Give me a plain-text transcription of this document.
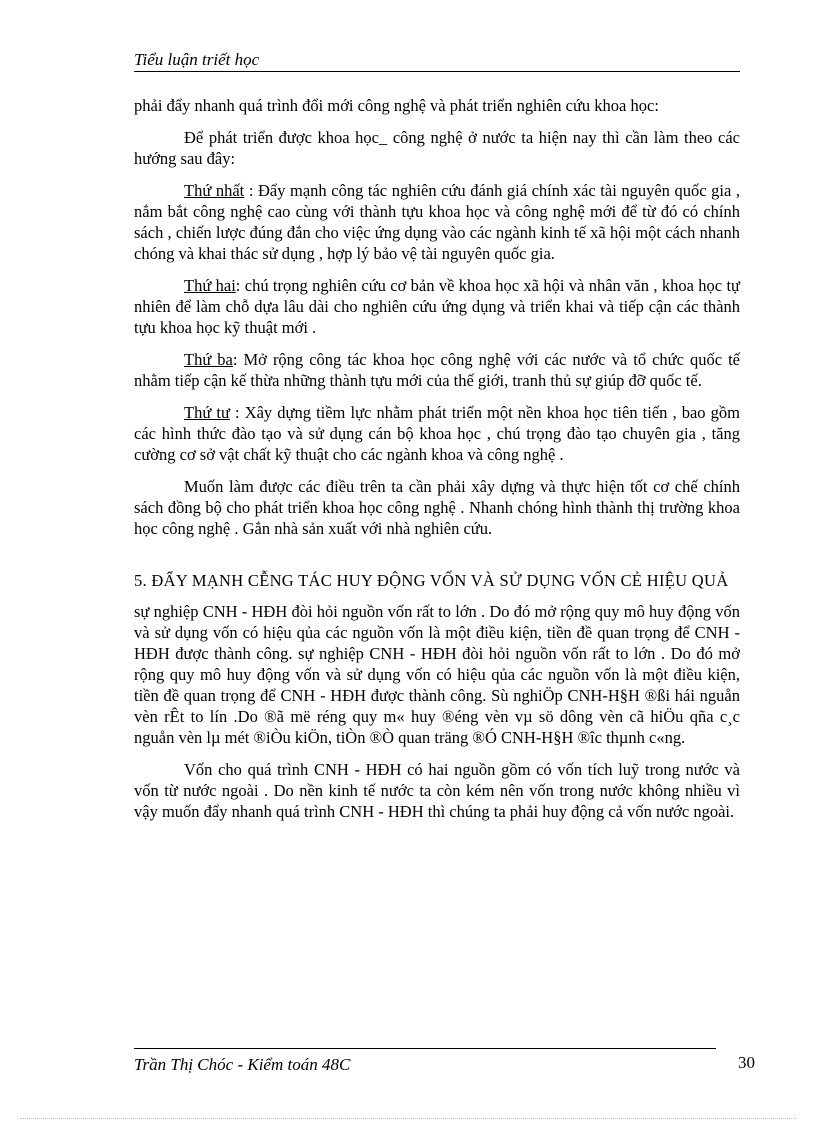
Tiểu luận triết học

phải đẩy nhanh quá trình đổi mới công nghệ và phát triển nghiên cứu khoa học:

Để phát triển được khoa học_ công nghệ ở nước ta hiện nay thì cần làm theo các hướng sau đây:

Thứ nhất : Đẩy mạnh công tác nghiên cứu đánh giá chính xác tài nguyên quốc gia , nắm bắt công nghệ cao cùng với thành tựu khoa học và công nghệ mới để từ đó có chính sách , chiến lược đúng đắn cho việc ứng dụng vào các ngành kinh tế xã hội một cách nhanh chóng và khai thác sử dụng , hợp lý bảo vệ tài nguyên quốc gia.

Thứ hai: chú trọng nghiên cứu cơ bản về khoa học xã hội và nhân văn , khoa học tự nhiên để làm chỗ dựa lâu dài cho nghiên cứu ứng dụng và triển khai và tiếp cận các thành tựu khoa học kỹ thuật mới .

Thứ ba: Mở rộng công tác khoa học công nghệ với các nước và tổ chức quốc tế nhằm tiếp cận kế thừa những thành tựu mới của thế giới, tranh thủ sự giúp đỡ quốc tế.

Thứ tư : Xây dựng tiềm lực nhằm phát triển một nền khoa học tiên tiến , bao gồm các hình thức đào tạo và sử dụng cán bộ khoa học , chú trọng đào tạo chuyên gia , tăng cường cơ sở vật chất kỹ thuật cho các ngành khoa và công nghệ .

Muốn làm được các điều trên ta cần phải xây dựng và thực hiện tốt cơ chế chính sách đồng bộ cho phát triển khoa học công nghệ . Nhanh chóng hình thành thị trường khoa học công nghệ . Gắn nhà sản xuất với nhà nghiên cứu.

5. ĐẨY MẠNH CỄNG TÁC HUY ĐỘNG VỐN VÀ SỬ DỤNG VỐN CẺ HIỆU QUẢ

sự nghiệp CNH - HĐH đòi hỏi nguồn vốn rất to lớn . Do đó mở rộng quy mô huy động vốn và sử dụng vốn có hiệu qủa các nguồn vốn là một điều kiện, tiền đề quan trọng để CNH - HĐH được thành công. sự nghiệp CNH - HĐH đòi hỏi nguồn vốn rất to lớn . Do đó mở rộng quy mô huy động vốn và sử dụng vốn có hiệu qủa các nguồn vốn là một điều kiện, tiền đề quan trọng để CNH - HĐH được thành công. Sù nghiÖp CNH-H§H ®ßi hái nguån vèn rÊt to lín .Do ®ã më réng quy m« huy ®éng vèn vµ sö dông vèn cã hiÖu qña c¸c nguån vèn lµ mét ®iÒu kiÖn, tiÒn ®Ò quan träng ®Ó CNH-H§H ®îc thµnh c«ng.

Vốn cho quá trình CNH - HĐH có hai nguồn gồm có vốn tích luỹ trong nước và vốn từ nước ngoài . Do nền kinh tế nước ta còn kém nên vốn trong nước không nhiều vì vậy muốn đẩy nhanh quá trình CNH - HĐH thì chúng ta phải huy động cả vốn nước ngoài.

Trần Thị Chóc - Kiểm toán 48C	30
